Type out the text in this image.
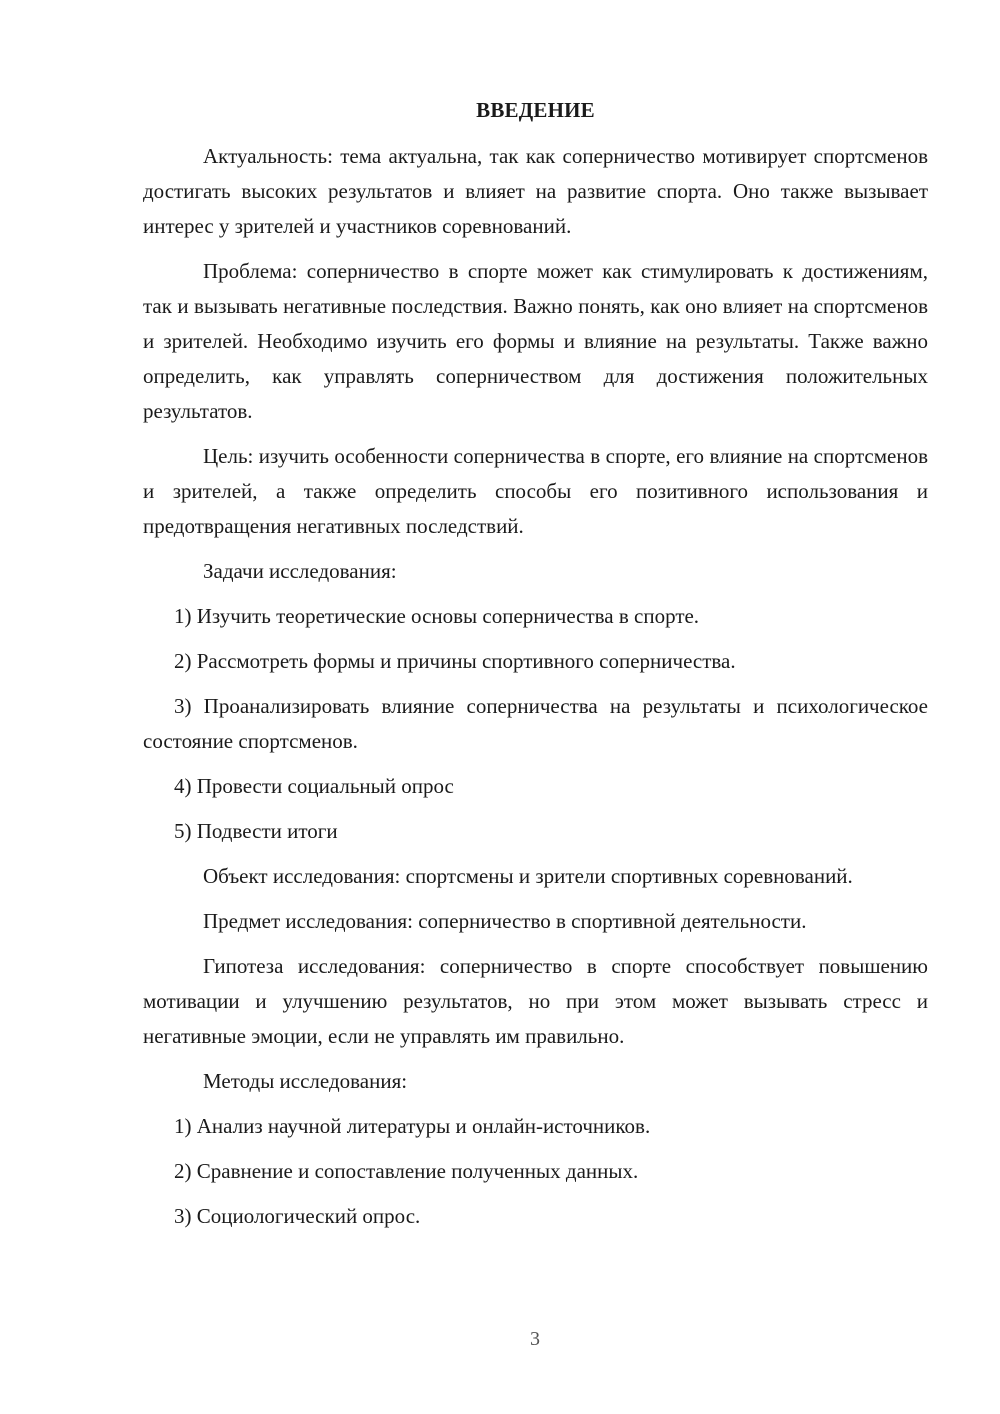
ВВЕДЕНИЕ

Актуальность: тема актуальна, так как соперничество мотивирует спортсменов достигать высоких результатов и влияет на развитие спорта. Оно также вызывает интерес у зрителей и участников соревнований.

Проблема: соперничество в спорте может как стимулировать к достижениям, так и вызывать негативные последствия. Важно понять, как оно влияет на спортсменов и зрителей. Необходимо изучить его формы и влияние на результаты. Также важно определить, как управлять соперничеством для достижения положительных результатов.

Цель: изучить особенности соперничества в спорте, его влияние на спортсменов и зрителей, а также определить способы его позитивного использования и предотвращения негативных последствий.

Задачи исследования:

1) Изучить теоретические основы соперничества в спорте.

2) Рассмотреть формы и причины спортивного соперничества.

3) Проанализировать влияние соперничества на результаты и психологическое состояние спортсменов.

4) Провести социальный опрос

5) Подвести итоги

Объект исследования: спортсмены и зрители спортивных соревнований.

Предмет исследования: соперничество в спортивной деятельности.

Гипотеза исследования: соперничество в спорте способствует повышению мотивации и улучшению результатов, но при этом может вызывать стресс и негативные эмоции, если не управлять им правильно.

Методы исследования:

1) Анализ научной литературы и онлайн-источников.

2) Сравнение и сопоставление полученных данных.

3) Социологический опрос.

3
